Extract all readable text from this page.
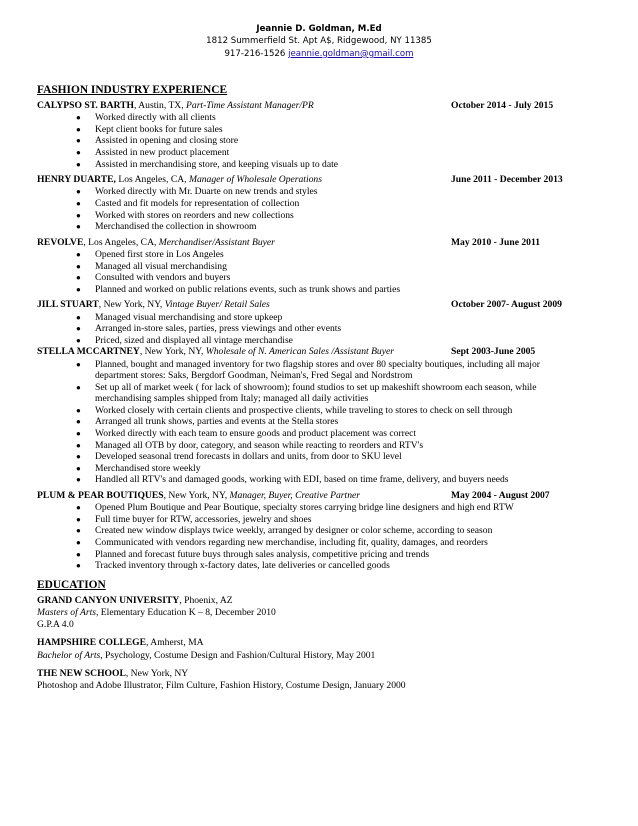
Jeannie D. Goldman, M.Ed
1812 Summerfield St. Apt A$, Ridgewood, NY 11385
917-216-1526 jeannie.goldman@gmail.com
FASHION INDUSTRY EXPERIENCE
CALYPSO ST. BARTH, Austin, TX, Part-Time Assistant Manager/PR	October 2014 - July 2015
● Worked directly with all clients
● Kept client books for future sales
● Assisted in opening and closing store
● Assisted in new product placement
● Assisted in merchandising store, and keeping visuals up to date
HENRY DUARTE, Los Angeles, CA, Manager of Wholesale Operations	June 2011 - December 2013
● Worked directly with Mr. Duarte on new trends and styles
● Casted and fit models for representation of collection
● Worked with stores on reorders and new collections
● Merchandised the collection in showroom
REVOLVE, Los Angeles, CA, Merchandiser/Assistant Buyer	May 2010 - June 2011
● Opened first store in Los Angeles
● Managed all visual merchandising
● Consulted with vendors and buyers
● Planned and worked on public relations events, such as trunk shows and parties
JILL STUART, New York, NY, Vintage Buyer/ Retail Sales	October 2007- August 2009
● Managed visual merchandising and store upkeep
● Arranged in-store sales, parties, press viewings and other events
● Priced, sized and displayed all vintage merchandise
STELLA MCCARTNEY, New York, NY, Wholesale of N. American Sales /Assistant Buyer	Sept 2003-June 2005
● Planned, bought and managed inventory for two flagship stores and over 80 specialty boutiques, including all major
department stores: Saks, Bergdorf Goodman, Neiman's, Fred Segal and Nordstrom
● Set up all of market week ( for lack of showroom); found studios to set up makeshift showroom each season, while
merchandising samples shipped from Italy; managed all daily activities
● Worked closely with certain clients and prospective clients, while traveling to stores to check on sell through
● Arranged all trunk shows, parties and events at the Stella stores
● Worked directly with each team to ensure goods and product placement was correct
● Managed all OTB by door, category, and season while reacting to reorders and RTV's
● Developed seasonal trend forecasts in dollars and units, from door to SKU level
● Merchandised store weekly
● Handled all RTV's and damaged goods, working with EDI, based on time frame, delivery, and buyers needs
PLUM & PEAR BOUTIQUES, New York, NY, Manager, Buyer, Creative Partner	May 2004 - August 2007
● Opened Plum Boutique and Pear Boutique, specialty stores carrying bridge line designers and high end RTW
● Full time buyer for RTW, accessories, jewelry and shoes
● Created new window displays twice weekly, arranged by designer or color scheme, according to season
● Communicated with vendors regarding new merchandise, including fit, quality, damages, and reorders
● Planned and forecast future buys through sales analysis, competitive pricing and trends
● Tracked inventory through x-factory dates, late deliveries or cancelled goods
EDUCATION
GRAND CANYON UNIVERSITY, Phoenix, AZ
Masters of Arts, Elementary Education K – 8, December 2010
G.P.A 4.0
HAMPSHIRE COLLEGE, Amherst, MA
Bachelor of Arts, Psychology, Costume Design and Fashion/Cultural History, May 2001
THE NEW SCHOOL, New York, NY
Photoshop and Adobe Illustrator, Film Culture, Fashion History, Costume Design, January 2000
